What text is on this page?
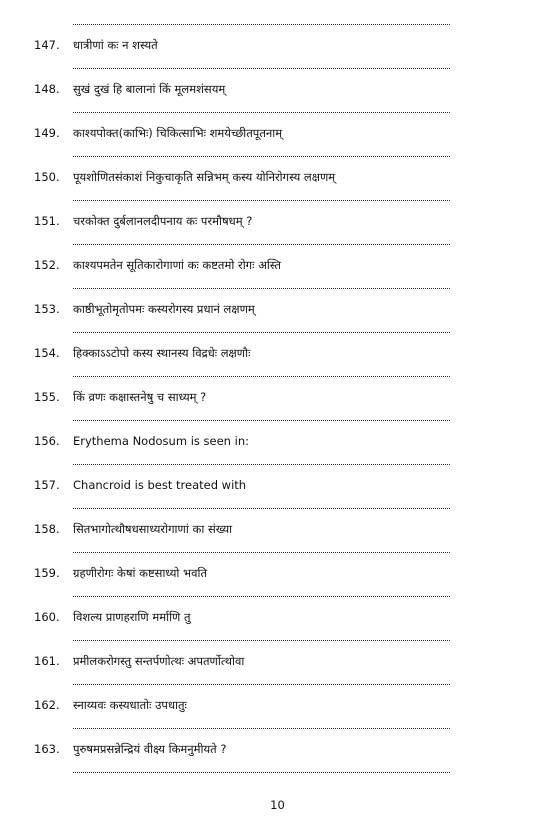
147. धात्रीणां कः न शस्यते
148. सुखं दुखं हि बालानां किं मूलमशंसयम्
149. काश्यपोक्त(काभिः) चिकित्साभिः शमयेच्छीतपूतनाम्
150. पूयशोणितसंकाशं निकुचाकृति सन्निभम् कस्य योनिरोगस्य लक्षणम्
151. चरकोक्त दुर्बलानलदीपनाय कः परमौषधम् ?
152. काश्यपमतेन सूतिकारोगाणां कः कष्टतमो रोगः अस्ति
153. काष्ठीभूतोमृतोपमः कस्यरोगस्य प्रधानं लक्षणम्
154. हिक्काऽऽटोपो कस्य स्थानस्य विद्रधेः लक्षणौः
155. किं व्रणः कक्षास्तनेषु च साध्यम् ?
156. Erythema Nodosum is seen in:
157. Chancroid is best treated with
158. सितभागोत्थौषधसाध्यरोगाणां का संख्या
159. ग्रहणीरोगः केषां कष्टसाध्यो भवति
160. विशल्य प्राणहराणि मर्माणि तु
161. प्रमीलकरोगस्तु सन्तर्पणोत्थः अपतर्णोत्थोवा
162. स्नाय्यवः कस्यधातोः उपधातुः
163. पुरुषमप्रसन्नेन्द्रियं वीक्ष्य किमनुमीयते ?
10
